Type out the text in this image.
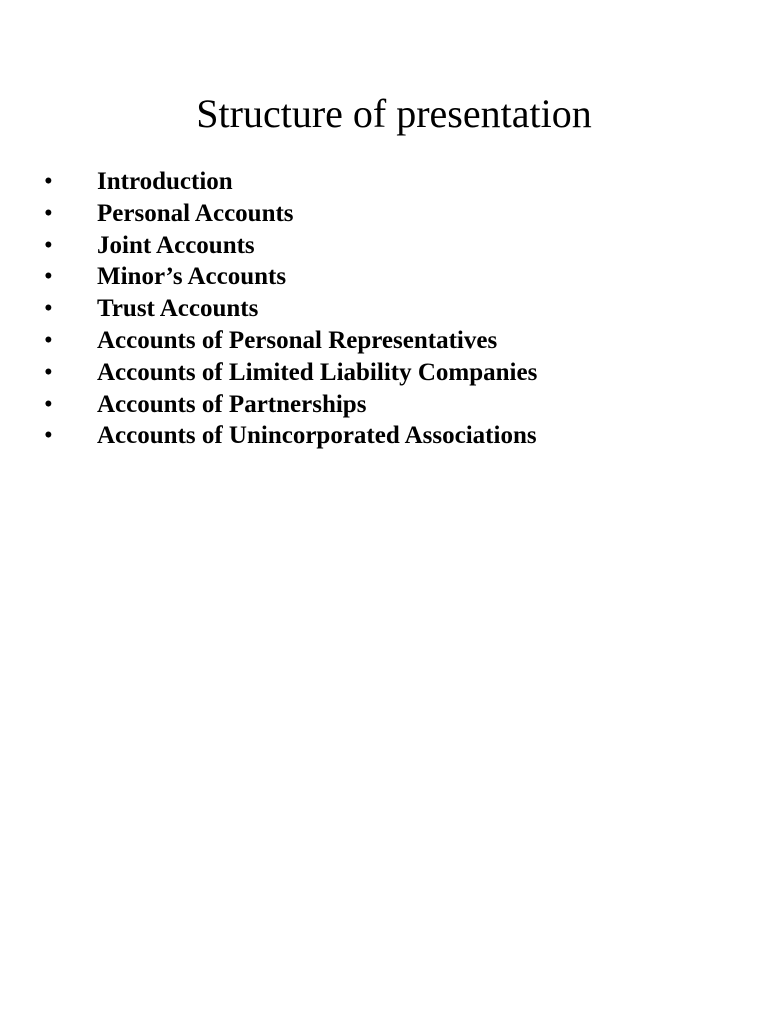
Structure of presentation
•	Introduction
•	Personal Accounts
•	Joint Accounts
•	Minor’s Accounts
•	Trust Accounts
•	Accounts of Personal Representatives
•	Accounts of Limited Liability Companies
•	Accounts of Partnerships
•	Accounts of Unincorporated Associations
